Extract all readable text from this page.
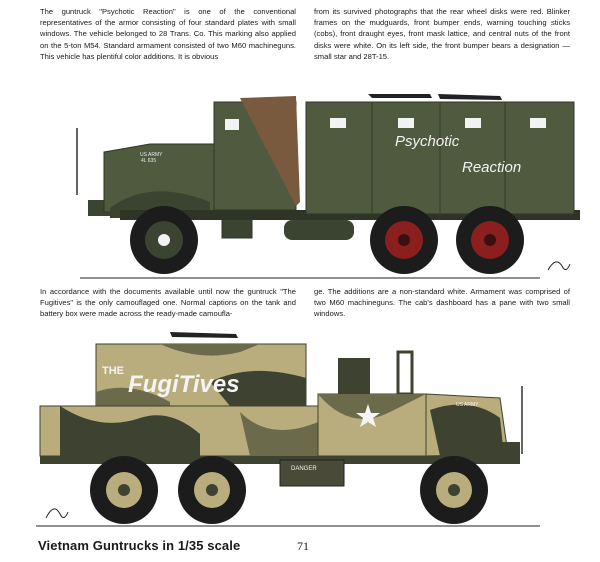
The guntruck "Psychotic Reaction" is one of the conventional representatives of the armor consisting of four standard plates with small windows. The vehicle belonged to 28 Trans. Co. This marking also applied on the 5-ton M54. Standard armament consisted of two M60 machineguns. This vehicle has plentiful color additions. It is obvious
from its survived photographs that the rear wheel disks were red. Blinker frames on the mudguards, front bumper ends, warning touching sticks (cobs), front draught eyes, front mask lattice, and central nuts of the front disks were white. On its left side, the front bumper bears a designation — small star and 28T-15.
US ARMY
4L 635
Psychotic
Reaction
In accordance with the documents available until now the guntruck "The Fugitives" is the only camouflaged one. Normal captions on the tank and battery box were made across the ready-made camoufla-
ge. The additions are a non-standard white. Armament was comprised of two M60 machineguns. The cab's dashboard has a pane with two small windows.
THE FugiTives
US ARMY
DANGER
Vietnam Guntrucks in 1/35 scale	71
